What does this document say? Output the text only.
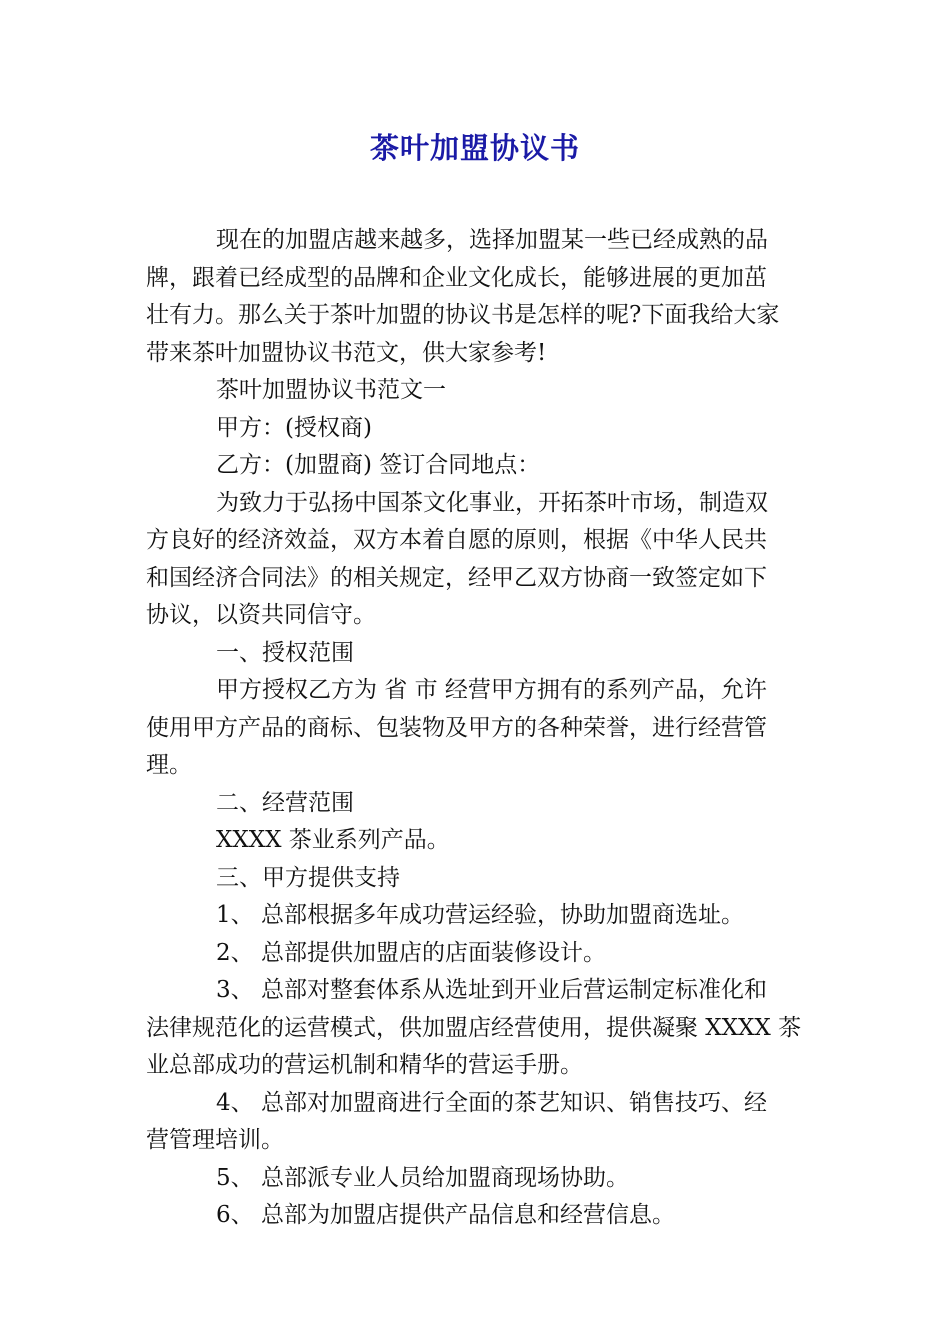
茶叶加盟协议书
现在的加盟店越来越多，选择加盟某一些已经成熟的品
牌，跟着已经成型的品牌和企业文化成长，能够进展的更加茁
壮有力。那么关于茶叶加盟的协议书是怎样的呢?下面我给大家
带来茶叶加盟协议书范文，供大家参考!
茶叶加盟协议书范文一
甲方：(授权商)
乙方：(加盟商) 签订合同地点：
为致力于弘扬中国茶文化事业，开拓茶叶市场，制造双
方良好的经济效益，双方本着自愿的原则，根据《中华人民共
和国经济合同法》的相关规定，经甲乙双方协商一致签定如下
协议，以资共同信守。
一、授权范围
甲方授权乙方为 省 市 经营甲方拥有的系列产品，允许
使用甲方产品的商标、包装物及甲方的各种荣誉，进行经营管
理。
二、经营范围
XXXX 茶业系列产品。
三、甲方提供支持
1、 总部根据多年成功营运经验，协助加盟商选址。
2、 总部提供加盟店的店面装修设计。
3、 总部对整套体系从选址到开业后营运制定标准化和
法律规范化的运营模式，供加盟店经营使用，提供凝聚 XXXX 茶
业总部成功的营运机制和精华的营运手册。
4、 总部对加盟商进行全面的茶艺知识、销售技巧、经
营管理培训。
5、 总部派专业人员给加盟商现场协助。
6、 总部为加盟店提供产品信息和经营信息。
